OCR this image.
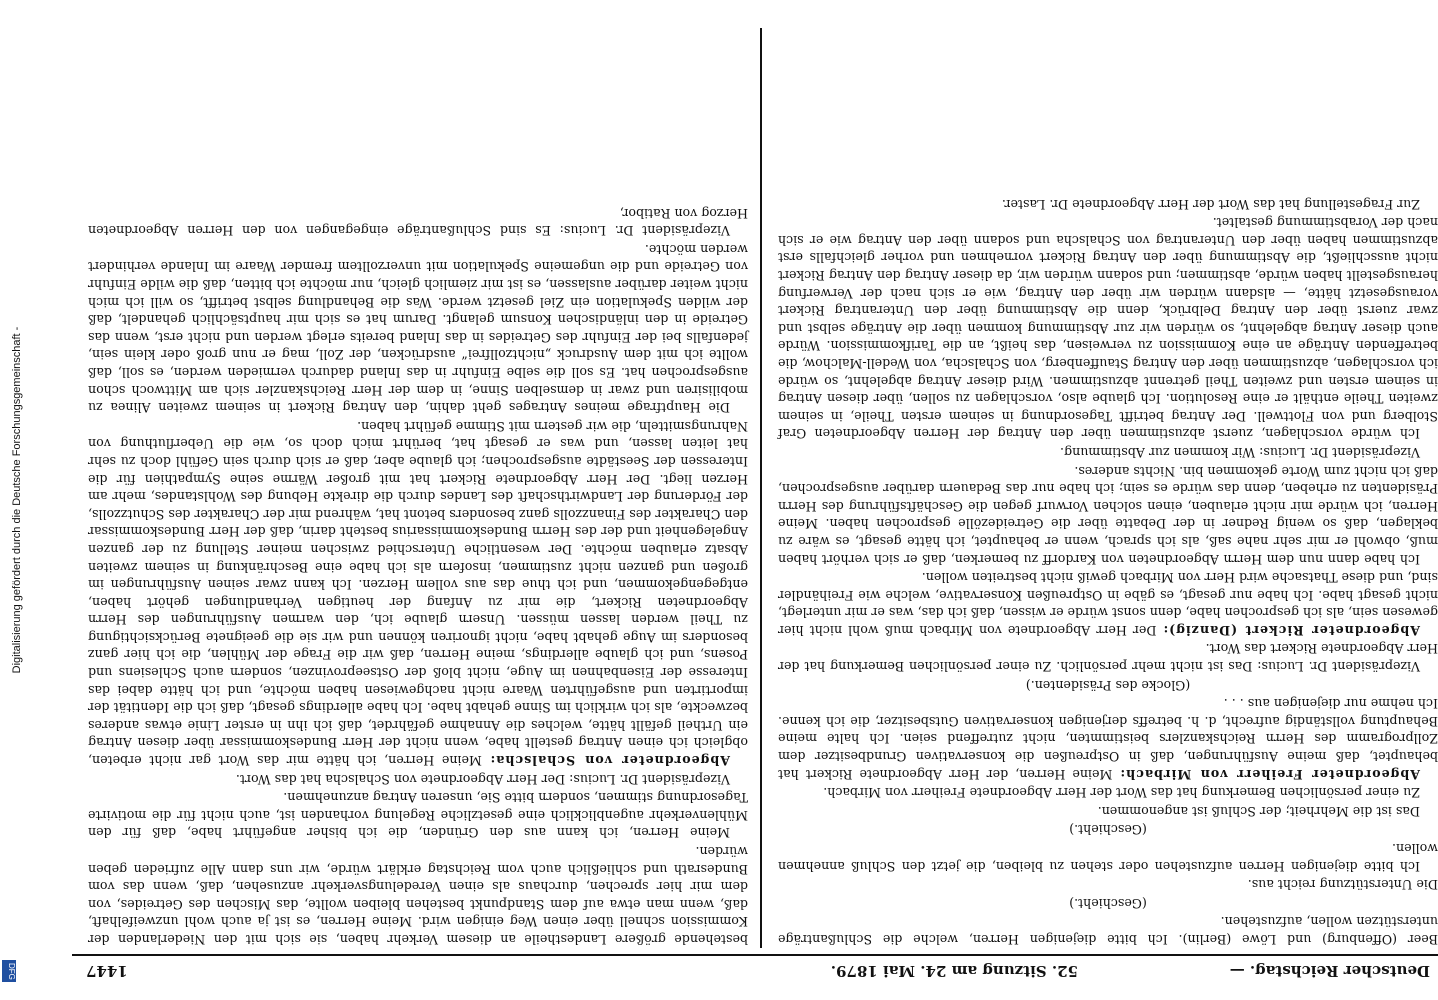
Deutscher Reichstag. —
52. Sitzung am 24. Mai 1879.
1447

Beer (Offenburg) und Löwe (Berlin). Ich bitte diejenigen Herren, welche die Schlußanträge unterstützen wollen, aufzustehen.

(Geschieht.)

Die Unterstützung reicht aus.

Ich bitte diejenigen Herren aufzustehen oder stehen zu bleiben, die jetzt den Schluß annehmen wollen.

(Geschieht.)

Das ist die Mehrheit; der Schluß ist angenommen.

Zu einer persönlichen Bemerkung hat das Wort der Herr Abgeordnete Freiherr von Mirbach.

Abgeordneter Freiherr von Mirbach: Meine Herren, der Herr Abgeordnete Rickert hat behauptet, daß meine Ausführungen, daß in Ostpreußen die konservativen Grundbesitzer dem Zollprogramm des Herrn Reichskanzlers beistimmten, nicht zutreffend seien. Ich halte meine Behauptung vollständig aufrecht, d. h. betreffs derjenigen konservativen Gutsbesitzer, die ich kenne. Ich nehme nur diejenigen aus . . .

(Glocke des Präsidenten.)

Vizepräsident Dr. Lucius: Das ist nicht mehr persönlich. Zu einer persönlichen Bemerkung hat der Herr Abgeordnete Rickert das Wort.

Abgeordneter Rickert (Danzig): Der Herr Abgeordnete von Mirbach muß wohl nicht hier gewesen sein, als ich gesprochen habe, denn sonst würde er wissen, daß ich das, was er mir unterlegt, nicht gesagt habe. Ich habe nur gesagt, es gäbe in Ostpreußen Konservative, welche wie Freihändler sind, und diese Thatsache wird Herr von Mirbach gewiß nicht bestreiten wollen.

Ich habe dann nun dem Herrn Abgeordneten von Kardorff zu bemerken, daß er sich verhört haben muß, obwohl er mir sehr nahe saß, als ich sprach, wenn er behauptet, ich hätte gesagt, es wäre zu beklagen, daß so wenig Redner in der Debatte über die Getreidezölle gesprochen haben. Meine Herren, ich würde mir nicht erlauben, einen solchen Vorwurf gegen die Geschäftsführung des Herrn Präsidenten zu erheben, denn das würde es sein; ich habe nur das Bedauern darüber ausgesprochen, daß ich nicht zum Worte gekommen bin. Nichts anderes.

Vizepräsident Dr. Lucius: Wir kommen zur Abstimmung.

Ich würde vorschlagen, zuerst abzustimmen über den Antrag der Herren Abgeordneten Graf Stolberg und von Flottwell. Der Antrag betrifft Tagesordnung in seinem ersten Theile, in seinem zweiten Theile enthält er eine Resolution. Ich glaube also, vorschlagen zu sollen, über diesen Antrag in seinem ersten und zweiten Theil getrennt abzustimmen. Wird dieser Antrag abgelehnt, so würde ich vorschlagen, abzustimmen über den Antrag Stauffenberg, von Schalscha, von Wedell-Malchow, die betreffenden Anträge an eine Kommission zu verweisen, das heißt, an die Tarifkommission. Würde auch dieser Antrag abgelehnt, so würden wir zur Abstimmung kommen über die Anträge selbst und zwar zuerst über den Antrag Delbrück, denn die Abstimmung über den Unterantrag Rickert vorausgesetzt hätte, — alsdann würden wir über den Antrag, wie er sich nach der Verwerfung herausgestellt haben würde, abstimmen; und sodann würden wir, da dieser Antrag den Antrag Rickert nicht ausschließt, die Abstimmung über den Antrag Rickert vornehmen und vorher gleichfalls erst abzustimmen haben über den Unterantrag von Schalscha und sodann über den Antrag wie er sich nach der Vorabstimmung gestaltet.

Zur Fragestellung hat das Wort der Herr Abgeordnete Dr. Laster.

bestehende größere Landestheile an diesem Verkehr haben, sie sich mit den Niederlanden der Kommission schnell über einen Weg einigen wird. Meine Herren, es ist ja auch wohl unzweifelhaft, daß, wenn man etwa auf dem Standpunkt bestehen bleiben wollte, das Mischen des Getreides, von dem mir hier sprechen, durchaus als einen Veredelungsverkehr anzusehen, daß, wenn das vom Bundesrath und schließlich auch vom Reichstag erklärt würde, wir uns dann Alle zufrieden geben würden.

Meine Herren, ich kann aus den Gründen, die ich bisher angeführt habe, daß für den Mühlenverkehr augenblicklich eine gesetzliche Regelung vorhanden ist, auch nicht für die motivirte Tagesordnung stimmen, sondern bitte Sie, unseren Antrag anzunehmen.

Vizepräsident Dr. Lucius: Der Herr Abgeordnete von Schalscha hat das Wort.

Abgeordneter von Schalscha: Meine Herren, ich hätte mir das Wort gar nicht erbeten, obgleich ich einen Antrag gestellt habe, wenn nicht der Herr Bundeskommissar über diesen Antrag ein Urtheil gefällt hätte, welches die Annahme gefährdet, daß ich ihn in erster Linie etwas anderes bezweckte, als ich wirklich im Sinne gehabt habe. Ich habe allerdings gesagt, daß ich die Identität der importirten und ausgeführten Waare nicht nachgewiesen haben möchte, und ich hätte dabei das Interesse der Eisenbahnen im Auge, nicht bloß der Ostseeprovinzen, sondern auch Schlesiens und Posens, und ich glaube allerdings, meine Herren, daß wir die Frage der Mühlen, die ich hier ganz besonders im Auge gehabt habe, nicht ignoriren können und wir sie die geeignete Berücksichtigung zu Theil werden lassen müssen. Unsern glaube ich, den warmen Ausführungen des Herrn Abgeordneten Rickert, die mir zu Anfang der heutigen Verhandlungen gehört haben, entgegengekommen, und ich thue das aus vollem Herzen. Ich kann zwar seinen Ausführungen im großen und ganzen nicht zustimmen, insofern als ich habe eine Beschränkung in seinem zweiten Absatz erlauben möchte. Der wesentliche Unterschied zwischen meiner Stellung zu der ganzen Angelegenheit und der des Herrn Bundeskommissarius besteht darin, daß der Herr Bundeskommissar den Charakter des Finanzzolls ganz besonders betont hat, während mir der Charakter des Schutzzolls, der Förderung der Landwirthschaft des Landes durch die direkte Hebung des Wohlstandes, mehr am Herzen liegt. Der Herr Abgeordnete Rickert hat mit großer Wärme seine Sympathien für die Interessen der Seestädte ausgesprochen; ich glaube aber, daß er sich durch sein Gefühl doch zu sehr hat leiten lassen, und was er gesagt hat, berührt mich doch so, wie die Ueberfluthung von Nahrungsmitteln, die wir gestern mit Stimme geführt haben.

Die Hauptfrage meines Antrages geht dahin, den Antrag Rickert in seinem zweiten Alinea zu mobilisiren und zwar in demselben Sinne, in dem der Herr Reichskanzler sich am Mittwoch schon ausgesprochen hat. Es soll die selbe Einfuhr in das Inland dadurch vermieden werden, es soll, daß wollte ich mit dem Ausdruck „nichtzollfrei“ ausdrücken, der Zoll, mag er nun groß oder klein sein, jedenfalls bei der Einfuhr des Getreides in das Inland bereits erlegt werden und nicht erst, wenn das Getreide in den inländischen Konsum gelangt. Darum hat es sich mir hauptsächlich gehandelt, daß der wilden Spekulation ein Ziel gesetzt werde. Was die Behandlung selbst betrifft, so will ich mich nicht weiter darüber auslassen, es ist mir ziemlich gleich, nur möchte ich bitten, daß die wilde Einfuhr von Getreide und die ungemeine Spekulation mit unverzolltem fremder Waare im Inlande verhindert werden möchte.

Vizepräsident Dr. Lucius: Es sind Schlußanträge eingegangen von den Herren Abgeordneten Herzog von Ratibor,

Digitalisierung gefördert durch die Deutsche Forschungsgemeinschaft -
DFG
